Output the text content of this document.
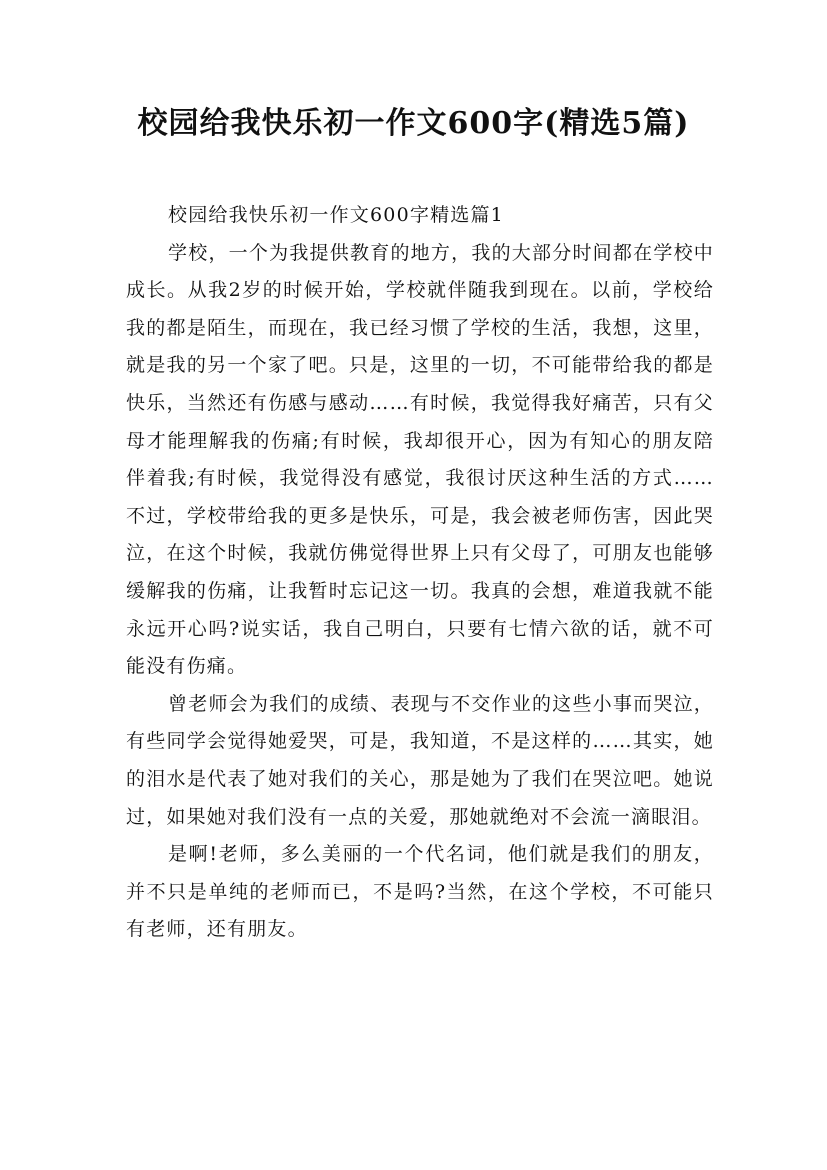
校园给我快乐初一作文600字(精选5篇)
校园给我快乐初一作文600字精选篇1

学校，一个为我提供教育的地方，我的大部分时间都在学校中成长。从我2岁的时候开始，学校就伴随我到现在。以前，学校给我的都是陌生，而现在，我已经习惯了学校的生活，我想，这里，就是我的另一个家了吧。只是，这里的一切，不可能带给我的都是快乐，当然还有伤感与感动……有时候，我觉得我好痛苦，只有父母才能理解我的伤痛;有时候，我却很开心，因为有知心的朋友陪伴着我;有时候，我觉得没有感觉，我很讨厌这种生活的方式……不过，学校带给我的更多是快乐，可是，我会被老师伤害，因此哭泣，在这个时候，我就仿佛觉得世界上只有父母了，可朋友也能够缓解我的伤痛，让我暂时忘记这一切。我真的会想，难道我就不能永远开心吗?说实话，我自己明白，只要有七情六欲的话，就不可能没有伤痛。

曾老师会为我们的成绩、表现与不交作业的这些小事而哭泣，有些同学会觉得她爱哭，可是，我知道，不是这样的……其实，她的泪水是代表了她对我们的关心，那是她为了我们在哭泣吧。她说过，如果她对我们没有一点的关爱，那她就绝对不会流一滴眼泪。

是啊!老师，多么美丽的一个代名词，他们就是我们的朋友，并不只是单纯的老师而已，不是吗?当然，在这个学校，不可能只有老师，还有朋友。
